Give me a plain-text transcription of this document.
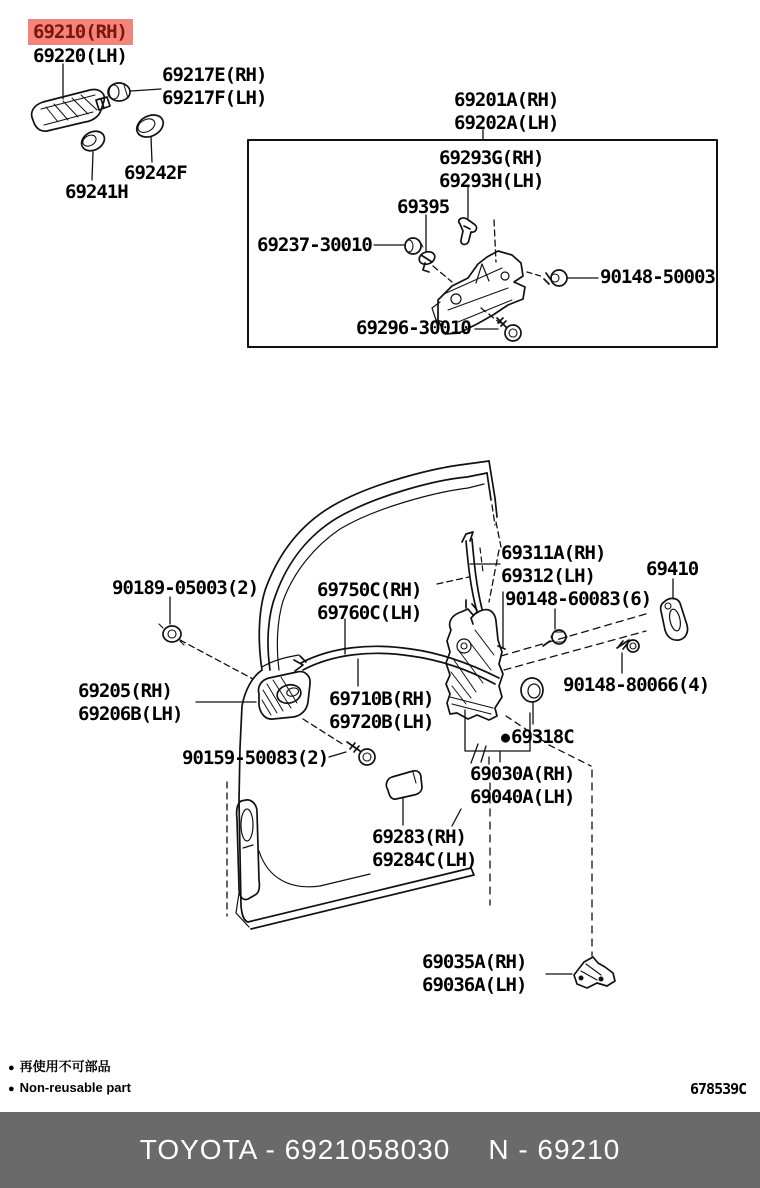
69210(RH)
69220(LH)
69217E(RH)
69217F(LH)
69242F
69241H
69201A(RH)
69202A(LH)
69293G(RH)
69293H(LH)
69395
69237-30010
90148-50003
69296-30010
90189-05003(2)	69750C(RH)
69760C(LH)
69311A(RH)
69312(LH)	69410
90148-60083(6)
69205(RH)
69206B(LH)
69710B(RH)
69720B(LH)
90148-80066(4)
● 69318C
90159-50083(2)
69030A(RH)
69040A(LH)
69283(RH)
69284C(LH)
69035A(RH)
69036A(LH)
● 再使用不可部品
● Non-reusable part	678539C
TOYOTA - 6921058030 N - 69210
